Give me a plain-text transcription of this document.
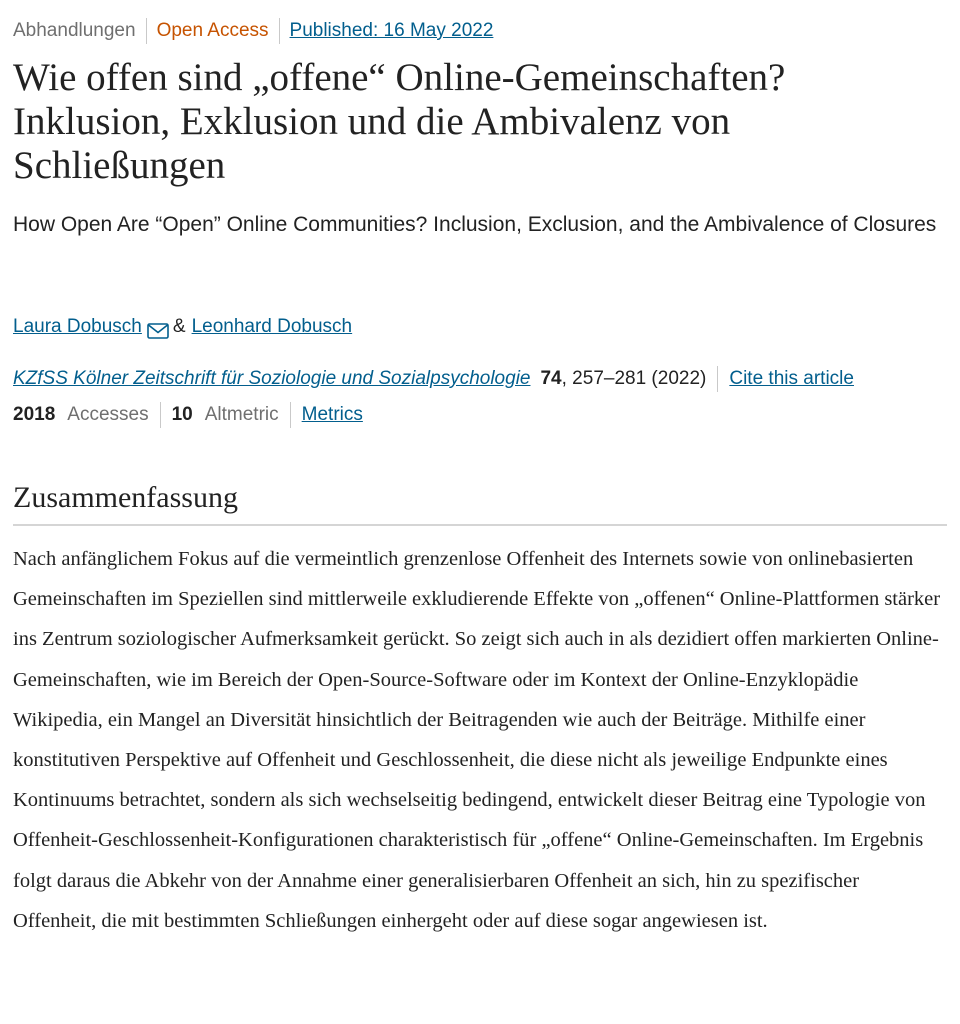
Abhandlungen Open Access Published: 16 May 2022
Wie offen sind „offene“ Online-Gemeinschaften? Inklusion, Exklusion und die Ambivalenz von Schließungen

How Open Are “Open” Online Communities? Inclusion, Exclusion, and the Ambivalence of Closures

Laura Dobusch & Leonhard Dobusch
KZfSS Kölner Zeitschrift für Soziologie und Sozialpsychologie 74 , 257–281 (2022) Cite this article
2018 Accesses 10 Altmetric Metrics
Zusammenfassung

Nach anfänglichem Fokus auf die vermeintlich grenzenlose Offenheit des Internets sowie von onlinebasierten Gemeinschaften im Speziellen sind mittlerweile exkludierende Effekte von „offenen“ Online-Plattformen stärker ins Zentrum soziologischer Aufmerksamkeit gerückt. So zeigt sich auch in als dezidiert offen markierten Online-Gemeinschaften, wie im Bereich der Open-Source-Software oder im Kontext der Online-Enzyklopädie Wikipedia, ein Mangel an Diversität hinsichtlich der Beitragenden wie auch der Beiträge. Mithilfe einer konstitutiven Perspektive auf Offenheit und Geschlossenheit, die diese nicht als jeweilige Endpunkte eines Kontinuums betrachtet, sondern als sich wechselseitig bedingend, entwickelt dieser Beitrag eine Typologie von Offenheit-Geschlossenheit-Konfigurationen charakteristisch für „offene“ Online-Gemeinschaften. Im Ergebnis folgt daraus die Abkehr von der Annahme einer generalisierbaren Offenheit an sich, hin zu spezifischer Offenheit, die mit bestimmten Schließungen einhergeht oder auf diese sogar angewiesen ist.
